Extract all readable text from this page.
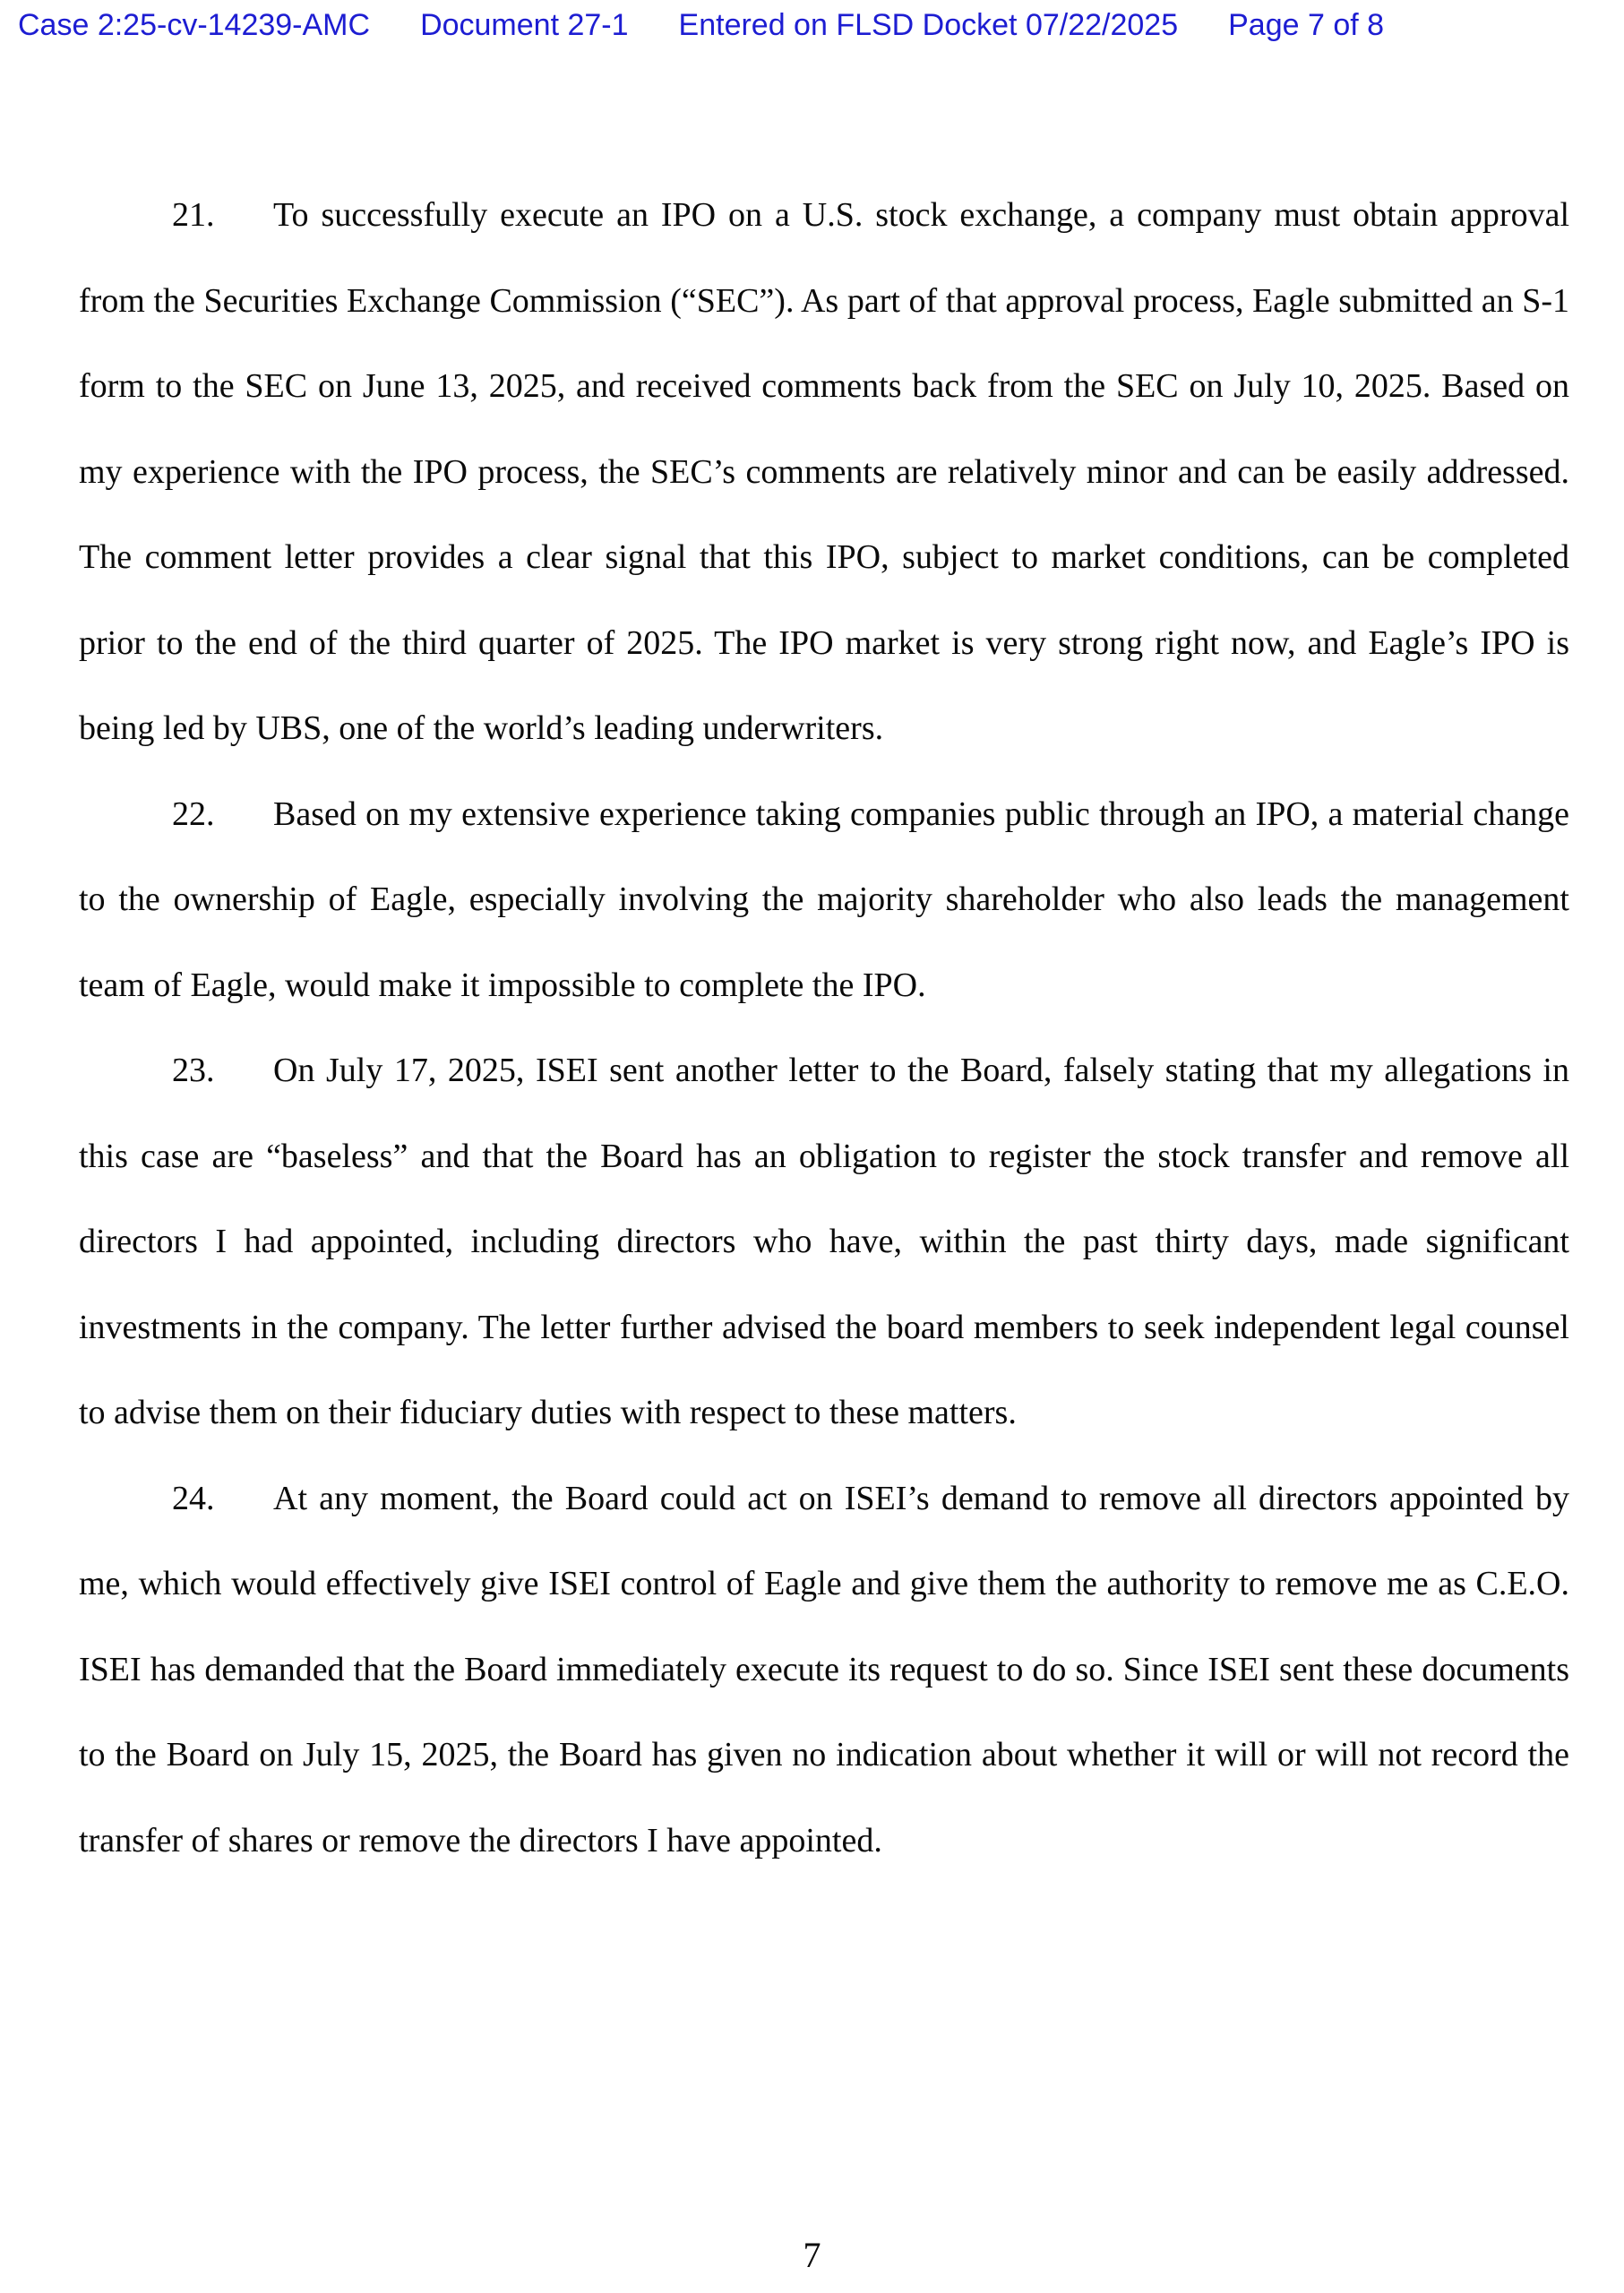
Case 2:25-cv-14239-AMC Document 27-1 Entered on FLSD Docket 07/22/2025 Page 7 of 8

21. To successfully execute an IPO on a U.S. stock exchange, a company must obtain approval from the Securities Exchange Commission (“SEC”). As part of that approval process, Eagle submitted an S-1 form to the SEC on June 13, 2025, and received comments back from the SEC on July 10, 2025. Based on my experience with the IPO process, the SEC’s comments are relatively minor and can be easily addressed. The comment letter provides a clear signal that this IPO, subject to market conditions, can be completed prior to the end of the third quarter of 2025. The IPO market is very strong right now, and Eagle’s IPO is being led by UBS, one of the world’s leading underwriters.

22. Based on my extensive experience taking companies public through an IPO, a material change to the ownership of Eagle, especially involving the majority shareholder who also leads the management team of Eagle, would make it impossible to complete the IPO.

23. On July 17, 2025, ISEI sent another letter to the Board, falsely stating that my allegations in this case are “baseless” and that the Board has an obligation to register the stock transfer and remove all directors I had appointed, including directors who have, within the past thirty days, made significant investments in the company. The letter further advised the board members to seek independent legal counsel to advise them on their fiduciary duties with respect to these matters.

24. At any moment, the Board could act on ISEI’s demand to remove all directors appointed by me, which would effectively give ISEI control of Eagle and give them the authority to remove me as C.E.O. ISEI has demanded that the Board immediately execute its request to do so. Since ISEI sent these documents to the Board on July 15, 2025, the Board has given no indication about whether it will or will not record the transfer of shares or remove the directors I have appointed.

7
